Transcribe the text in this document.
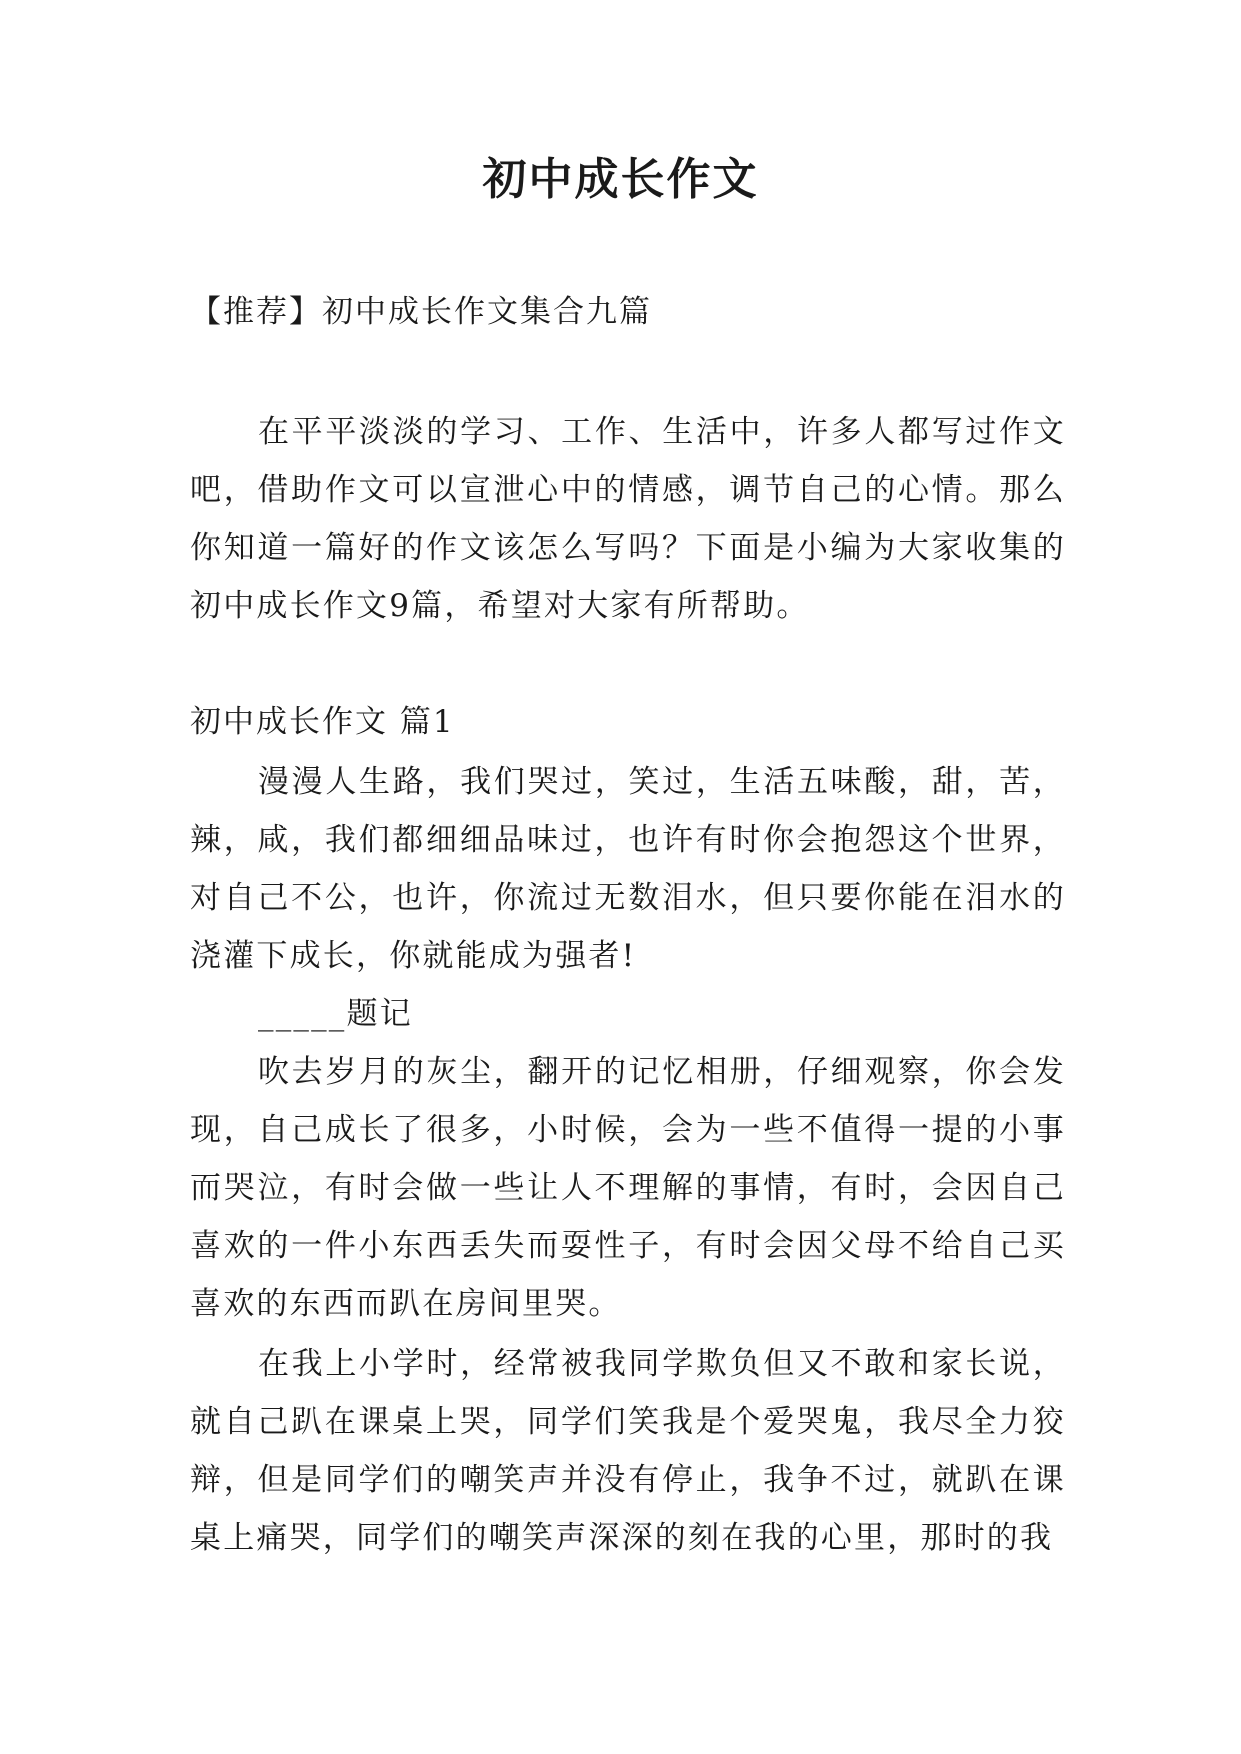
初中成长作文

【推荐】初中成长作文集合九篇

在平平淡淡的学习、工作、生活中，许多人都写过作文吧，借助作文可以宣泄心中的情感，调节自己的心情。那么你知道一篇好的作文该怎么写吗？下面是小编为大家收集的初中成长作文9篇，希望对大家有所帮助。

初中成长作文 篇1

漫漫人生路，我们哭过，笑过，生活五味酸，甜，苦，辣，咸，我们都细细品味过，也许有时你会抱怨这个世界，对自己不公，也许，你流过无数泪水，但只要你能在泪水的浇灌下成长，你就能成为强者!

_____题记

吹去岁月的灰尘，翻开的记忆相册，仔细观察，你会发现，自己成长了很多，小时候，会为一些不值得一提的小事而哭泣，有时会做一些让人不理解的事情，有时，会因自己喜欢的一件小东西丢失而耍性子，有时会因父母不给自己买喜欢的东西而趴在房间里哭。

在我上小学时，经常被我同学欺负但又不敢和家长说，就自己趴在课桌上哭，同学们笑我是个爱哭鬼，我尽全力狡辩，但是同学们的嘲笑声并没有停止，我争不过，就趴在课桌上痛哭，同学们的嘲笑声深深的刻在我的心里，那时的我
